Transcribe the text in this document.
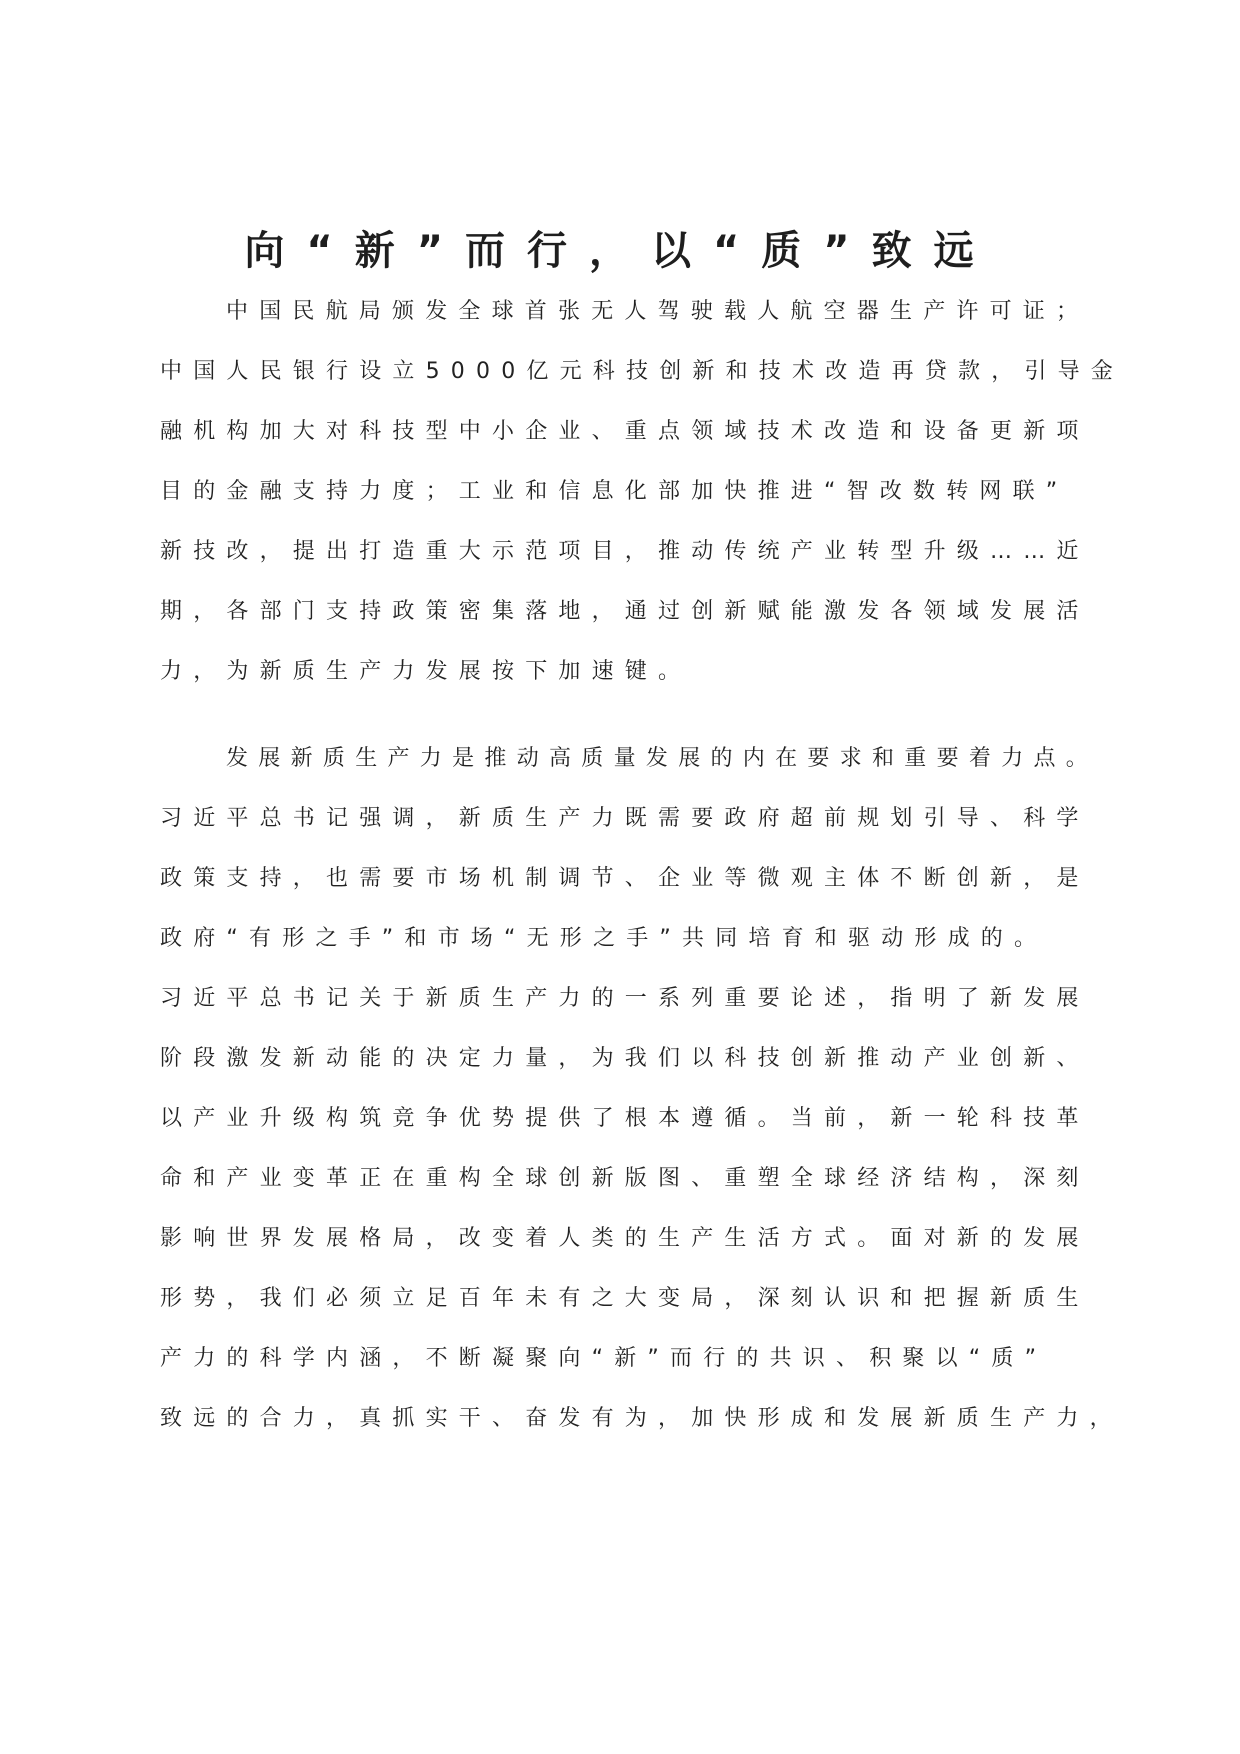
向“新”而行，以“质”致远

中国民航局颁发全球首张无人驾驶载人航空器生产许可证；
中国人民银行设立5000亿元科技创新和技术改造再贷款，引导金
融机构加大对科技型中小企业、重点领域技术改造和设备更新项
目的金融支持力度；工业和信息化部加快推进“智改数转网联”
新技改，提出打造重大示范项目，推动传统产业转型升级……近
期，各部门支持政策密集落地，通过创新赋能激发各领域发展活
力，为新质生产力发展按下加速键。

发展新质生产力是推动高质量发展的内在要求和重要着力点。
习近平总书记强调，新质生产力既需要政府超前规划引导、科学
政策支持，也需要市场机制调节、企业等微观主体不断创新，是
政府“有形之手”和市场“无形之手”共同培育和驱动形成的。
习近平总书记关于新质生产力的一系列重要论述，指明了新发展
阶段激发新动能的决定力量，为我们以科技创新推动产业创新、
以产业升级构筑竞争优势提供了根本遵循。当前，新一轮科技革
命和产业变革正在重构全球创新版图、重塑全球经济结构，深刻
影响世界发展格局，改变着人类的生产生活方式。面对新的发展
形势，我们必须立足百年未有之大变局，深刻认识和把握新质生
产力的科学内涵，不断凝聚向“新”而行的共识、积聚以“质”
致远的合力，真抓实干、奋发有为，加快形成和发展新质生产力，
